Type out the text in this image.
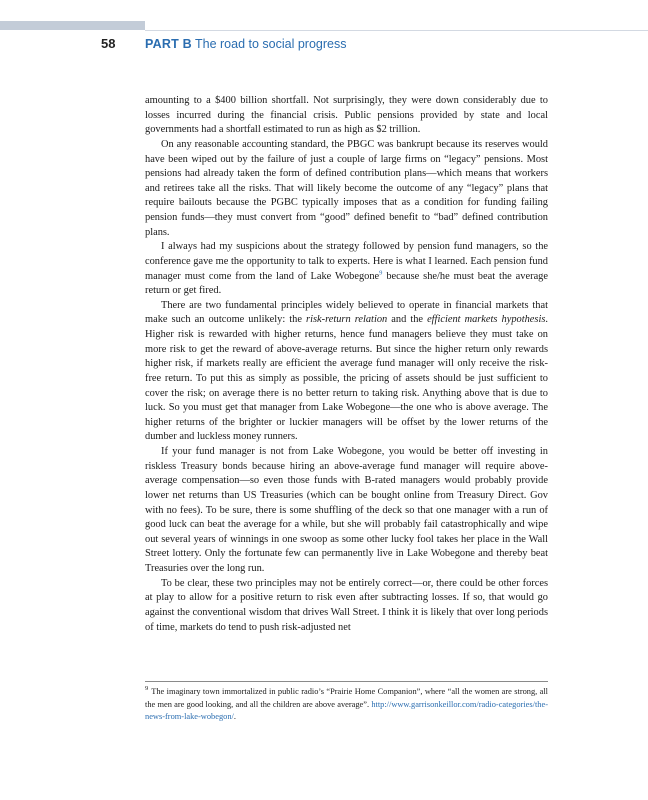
58 PART B The road to social progress

amounting to a $400 billion shortfall. Not surprisingly, they were down considerably due to losses incurred during the financial crisis. Public pensions provided by state and local governments had a shortfall estimated to run as high as $2 trillion.

On any reasonable accounting standard, the PBGC was bankrupt because its reserves would have been wiped out by the failure of just a couple of large firms on “legacy” pensions. Most pensions had already taken the form of defined contribution plans—which means that workers and retirees take all the risks. That will likely become the outcome of any “legacy” plans that require bailouts because the PGBC typically imposes that as a condition for funding failing pension funds—they must convert from “good” defined benefit to “bad” defined contribution plans.

I always had my suspicions about the strategy followed by pension fund managers, so the conference gave me the opportunity to talk to experts. Here is what I learned. Each pension fund manager must come from the land of Lake Wobegone$^9$ because she/he must beat the average return or get fired.

There are two fundamental principles widely believed to operate in financial markets that make such an outcome unlikely: the risk-return relation and the efficient markets hypothesis. Higher risk is rewarded with higher returns, hence fund managers believe they must take on more risk to get the reward of above-average returns. But since the higher return only rewards higher risk, if markets really are efficient the average fund manager will only receive the risk-free return. To put this as simply as possible, the pricing of assets should be just sufficient to cover the risk; on average there is no better return to taking risk. Anything above that is due to luck. So you must get that manager from Lake Wobegone—the one who is above average. The higher returns of the brighter or luckier managers will be offset by the lower returns of the dumber and luckless money runners.

If your fund manager is not from Lake Wobegone, you would be better off investing in riskless Treasury bonds because hiring an above-average fund manager will require above-average compensation—so even those funds with B-rated managers would probably provide lower net returns than US Treasuries (which can be bought online from Treasury Direct. Gov with no fees). To be sure, there is some shuffling of the deck so that one manager with a run of good luck can beat the average for a while, but she will probably fail catastrophically and wipe out several years of winnings in one swoop as some other lucky fool takes her place in the Wall Street lottery. Only the fortunate few can permanently live in Lake Wobegone and thereby beat Treasuries over the long run.

To be clear, these two principles may not be entirely correct—or, there could be other forces at play to allow for a positive return to risk even after subtracting losses. If so, that would go against the conventional wisdom that drives Wall Street. I think it is likely that over long periods of time, markets do tend to push risk-adjusted net

$^9$ The imaginary town immortalized in public radio’s “Prairie Home Companion”, where “all the women are strong, all the men are good looking, and all the children are above average”. http://www.garrisonkeillor.com/radio-categories/the-news-from-lake-wobegon/.
